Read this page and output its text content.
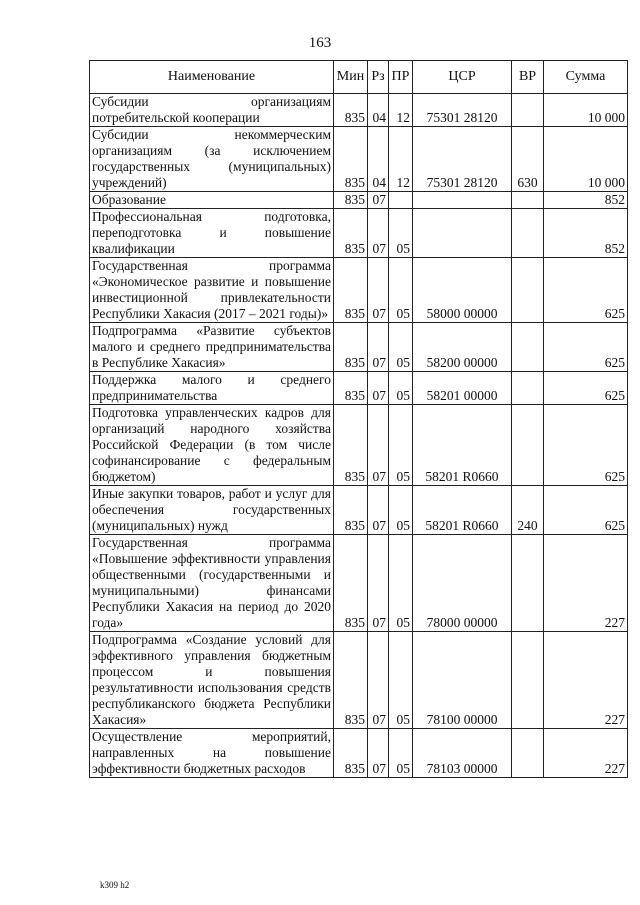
163
Наименование	Мин	Рз	ПР	ЦСР	ВР	Сумма
Субсидии организациям потребительской кооперации	835	04	12	75301 28120		10 000
Субсидии некоммерческим организациям (за исключением государственных (муниципальных) учреждений)	835	04	12	75301 28120	630	10 000
Образование	835	07				852
Профессиональная подготовка, переподготовка и повышение квалификации	835	07	05			852
Государственная программа «Экономическое развитие и повышение инвестиционной привлекательности Республики Хакасия (2017 – 2021 годы)»	835	07	05	58000 00000		625
Подпрограмма «Развитие субъектов малого и среднего предпринимательства в Республике Хакасия»	835	07	05	58200 00000		625
Поддержка малого и среднего предпринимательства	835	07	05	58201 00000		625
Подготовка управленческих кадров для организаций народного хозяйства Российской Федерации (в том числе софинансирование с федеральным бюджетом)	835	07	05	58201 R0660		625
Иные закупки товаров, работ и услуг для обеспечения государственных (муниципальных) нужд	835	07	05	58201 R0660	240	625
Государственная программа «Повышение эффективности управления общественными (государственными и муниципальными) финансами Республики Хакасия на период до 2020 года»	835	07	05	78000 00000		227
Подпрограмма «Создание условий для эффективного управления бюджетным процессом и повышения результативности использования средств республиканского бюджета Республики Хакасия»	835	07	05	78100 00000		227
Осуществление мероприятий, направленных на повышение эффективности бюджетных расходов	835	07	05	78103 00000		227
k309 h2
